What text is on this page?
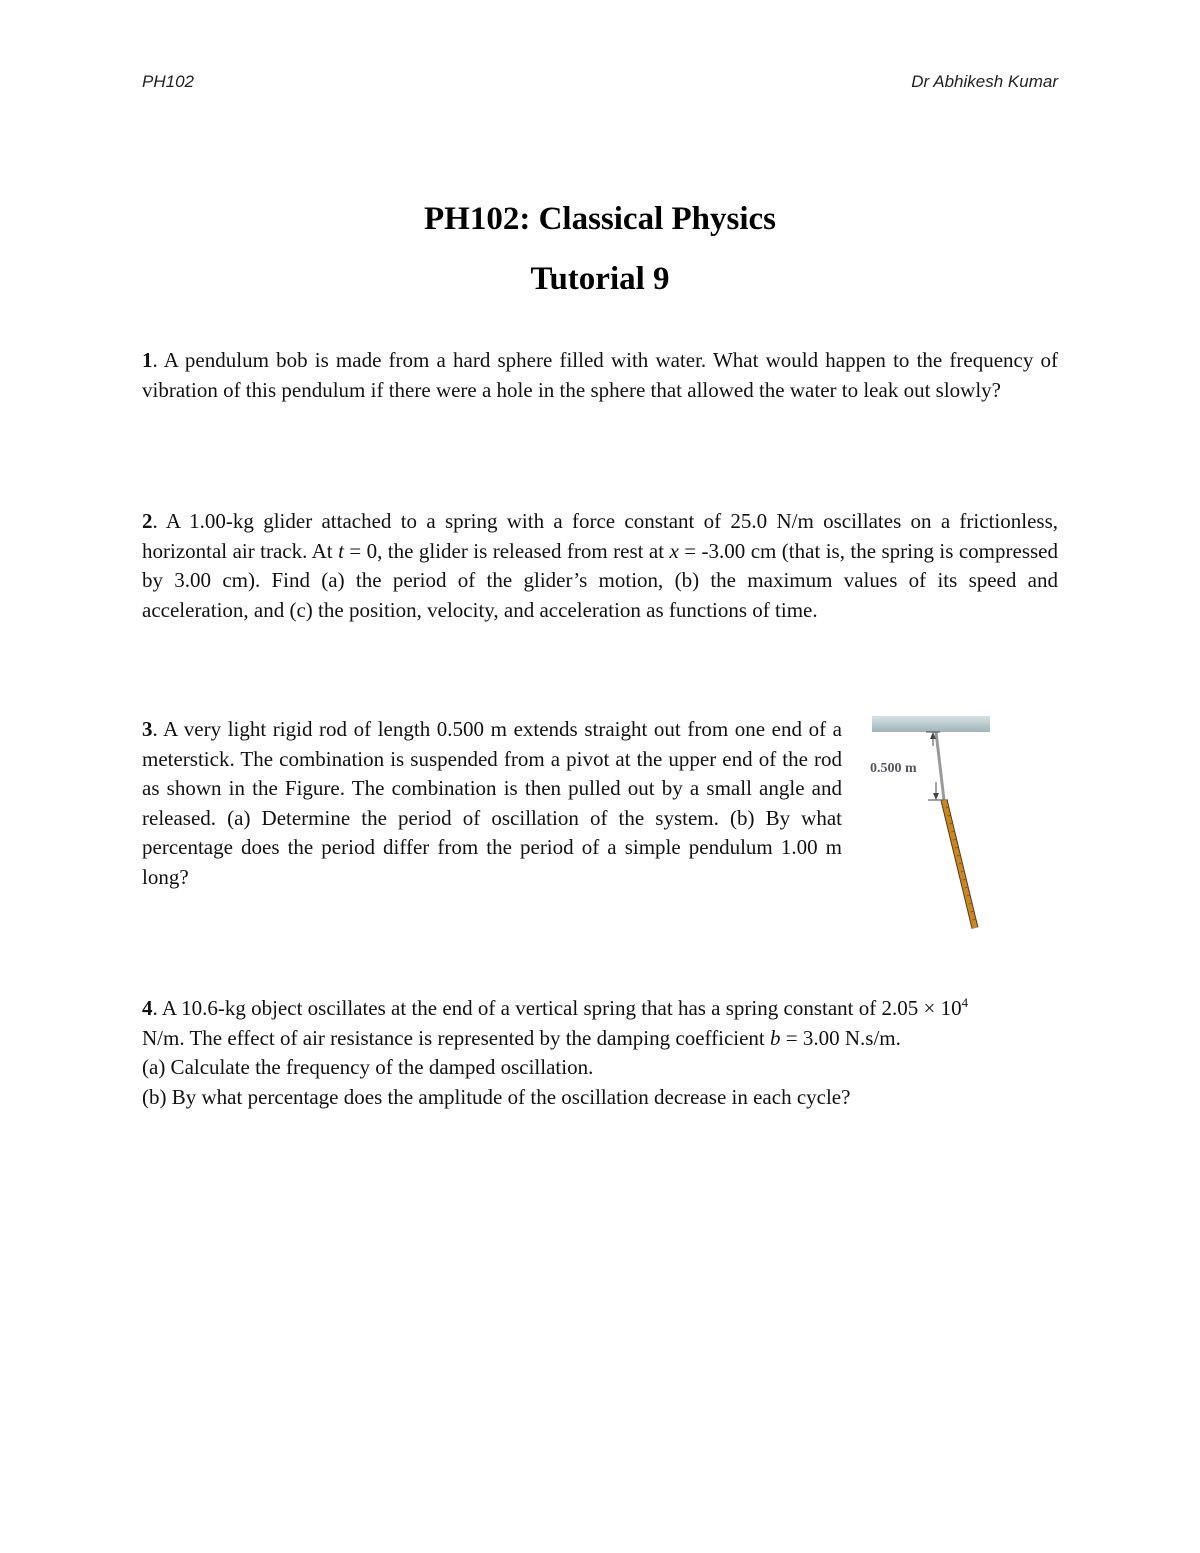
PH102	Dr Abhikesh Kumar
PH102: Classical Physics
Tutorial 9
1. A pendulum bob is made from a hard sphere filled with water. What would happen to the frequency of vibration of this pendulum if there were a hole in the sphere that allowed the water to leak out slowly?
2. A 1.00-kg glider attached to a spring with a force constant of 25.0 N/m oscillates on a frictionless, horizontal air track. At t = 0, the glider is released from rest at x = -3.00 cm (that is, the spring is compressed by 3.00 cm). Find (a) the period of the glider’s motion, (b) the maximum values of its speed and acceleration, and (c) the position, velocity, and acceleration as functions of time.
3. A very light rigid rod of length 0.500 m extends straight out from one end of a meterstick. The combination is suspended from a pivot at the upper end of the rod as shown in the Figure. The combination is then pulled out by a small angle and released. (a) Determine the period of oscillation of the system. (b) By what percentage does the period differ from the period of a simple pendulum 1.00 m long?
0.500 m
4. A 10.6-kg object oscillates at the end of a vertical spring that has a spring constant of $2.05 \times 10^4$
N/m. The effect of air resistance is represented by the damping coefficient b = 3.00 N.s/m.
(a) Calculate the frequency of the damped oscillation.
(b) By what percentage does the amplitude of the oscillation decrease in each cycle?
